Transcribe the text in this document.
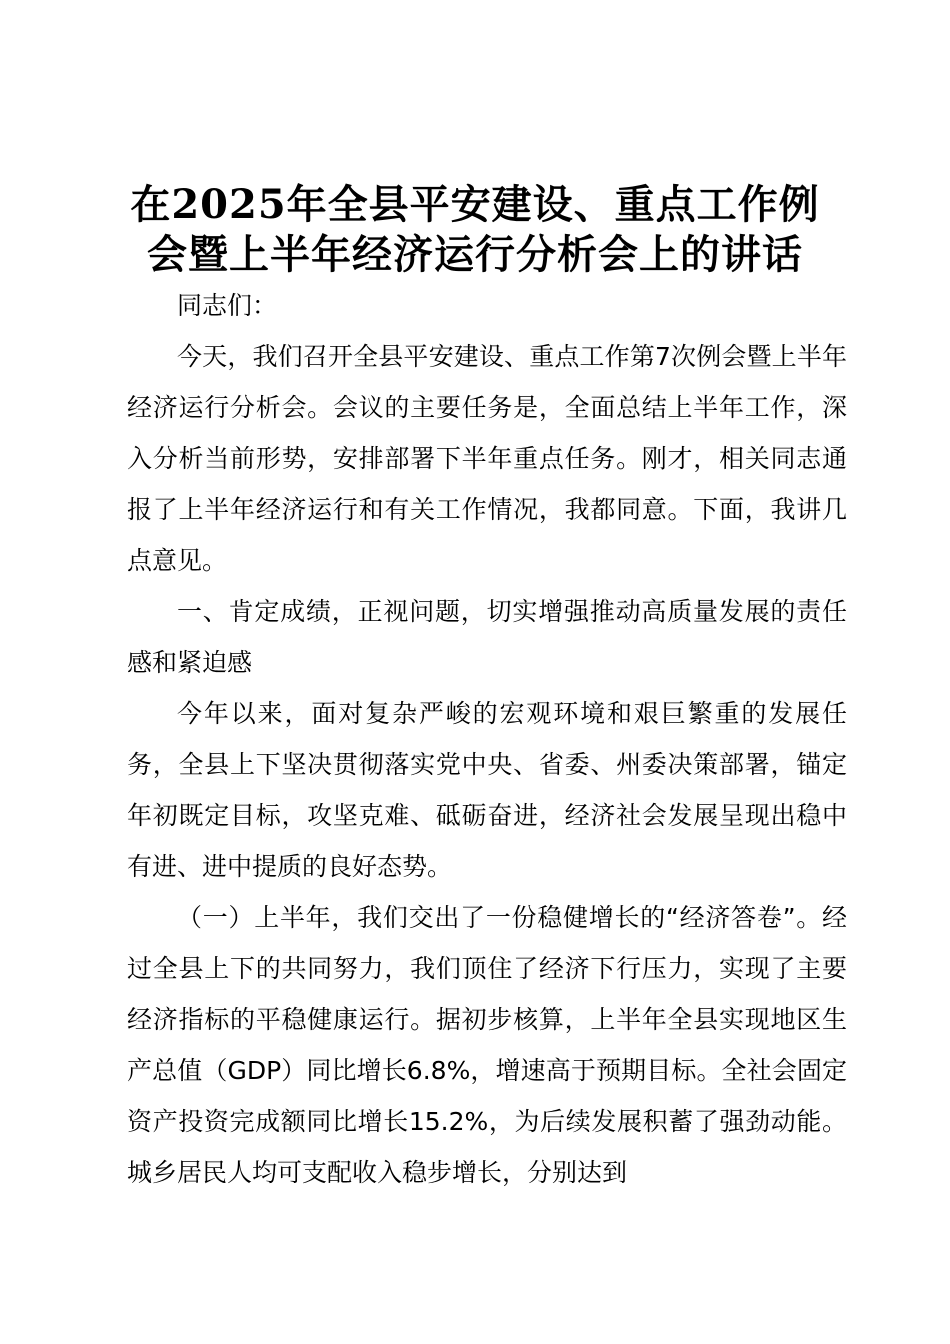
在2025年全县平安建设、重点工作例
会暨上半年经济运行分析会上的讲话

同志们：

今天，我们召开全县平安建设、重点工作第7次例会暨上半年经济运行分析会。会议的主要任务是，全面总结上半年工作，深入分析当前形势，安排部署下半年重点任务。刚才，相关同志通报了上半年经济运行和有关工作情况，我都同意。下面，我讲几点意见。

一、肯定成绩，正视问题，切实增强推动高质量发展的责任感和紧迫感

今年以来，面对复杂严峻的宏观环境和艰巨繁重的发展任务，全县上下坚决贯彻落实党中央、省委、州委决策部署，锚定年初既定目标，攻坚克难、砥砺奋进，经济社会发展呈现出稳中有进、进中提质的良好态势。

（一）上半年，我们交出了一份稳健增长的“经济答卷”。经过全县上下的共同努力，我们顶住了经济下行压力，实现了主要经济指标的平稳健康运行。据初步核算，上半年全县实现地区生产总值（GDP）同比增长6.8%，增速高于预期目标。全社会固定资产投资完成额同比增长15.2%，为后续发展积蓄了强劲动能。城乡居民人均可支配收入稳步增长，分别达到
